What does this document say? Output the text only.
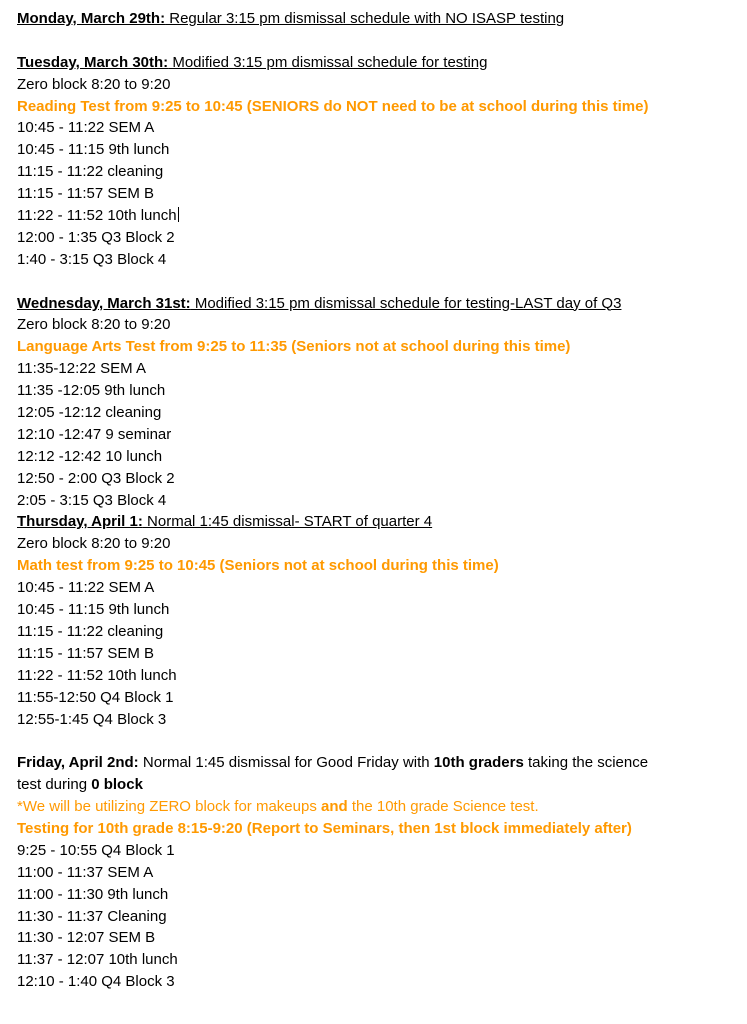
Monday, March 29th: Regular 3:15 pm dismissal schedule with NO ISASP testing
Tuesday, March 30th: Modified 3:15 pm dismissal schedule for testing
Zero block 8:20 to 9:20
Reading Test from 9:25 to 10:45 (SENIORS do NOT need to be at school during this time)
10:45 - 11:22 SEM A
10:45 - 11:15 9th lunch
11:15 - 11:22 cleaning
11:15 - 11:57 SEM B
11:22 - 11:52 10th lunch
12:00 - 1:35 Q3 Block 2
1:40 - 3:15 Q3 Block 4
Wednesday, March 31st: Modified 3:15 pm dismissal schedule for testing-LAST day of Q3
Zero block 8:20 to 9:20
Language Arts Test from 9:25 to 11:35 (Seniors not at school during this time)
11:35-12:22 SEM A
11:35 -12:05 9th lunch
12:05 -12:12 cleaning
12:10 -12:47 9 seminar
12:12 -12:42 10 lunch
12:50 - 2:00 Q3 Block 2
2:05 - 3:15 Q3 Block 4
Thursday, April 1: Normal 1:45 dismissal- START of quarter 4
Zero block 8:20 to 9:20
Math test from 9:25 to 10:45 (Seniors not at school during this time)
10:45 - 11:22 SEM A
10:45 - 11:15 9th lunch
11:15 - 11:22 cleaning
11:15 - 11:57 SEM B
11:22 - 11:52 10th lunch
11:55-12:50 Q4 Block 1
12:55-1:45 Q4 Block 3
Friday, April 2nd: Normal 1:45 dismissal for Good Friday with 10th graders taking the science
test during 0 block
*We will be utilizing ZERO block for makeups and the 10th grade Science test.
Testing for 10th grade 8:15-9:20 (Report to Seminars, then 1st block immediately after)
9:25 - 10:55 Q4 Block 1
11:00 - 11:37 SEM A
11:00 - 11:30 9th lunch
11:30 - 11:37 Cleaning
11:30 - 12:07 SEM B
11:37 - 12:07 10th lunch
12:10 - 1:40 Q4 Block 3
